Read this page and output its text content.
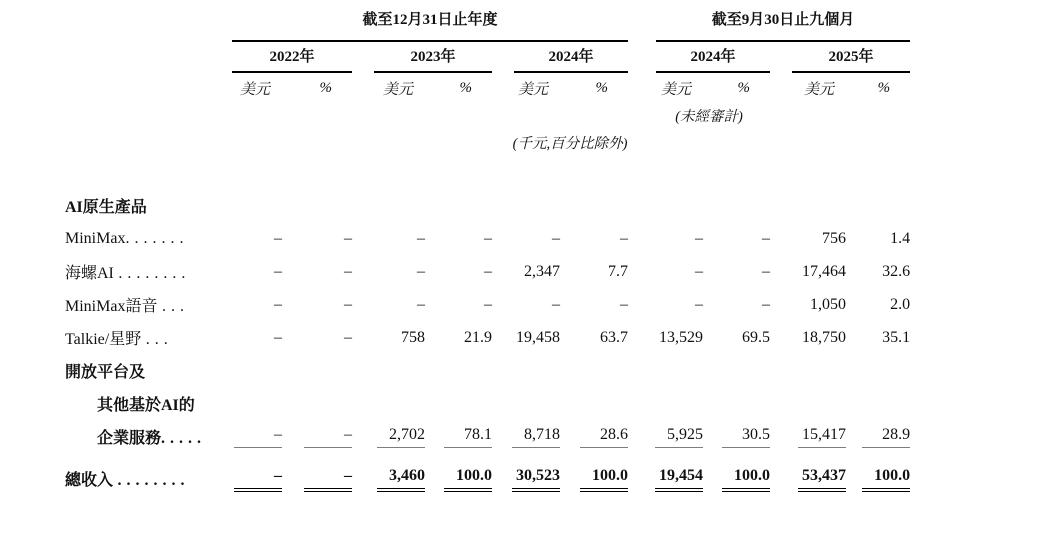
	截至12月31日止年度							截至9月30日止九個月			

	2022年		2023年		2024年			2024年		2025年	

	美元	%	美元	%	美元	%		美元	%	美元	%
								(未經審計)			
					(千元,百分比除外)						

AI原生產品											
MiniMax. . . . . . .	–	–	–	–	–	–		–	–	756	1.4

海螺AI . . . . . . . .	–	–	–	–	2,347	7.7		–	–	17,464	32.6

MiniMax語音 . . .	–	–	–	–	–	–		–	–	1,050	2.0

Talkie/星野 . . .	–	–	758	21.9	19,458	63.7		13,529	69.5	18,750	35.1

開放平台及											
其他基於AI的											
企業服務. . . . .	–	–	2,702	78.1	8,718	28.6		5,925	30.5	15,417	28.9

總收入 . . . . . . . .	–	–	3,460	100.0	30,523	100.0		19,454	100.0	53,437	100.0
